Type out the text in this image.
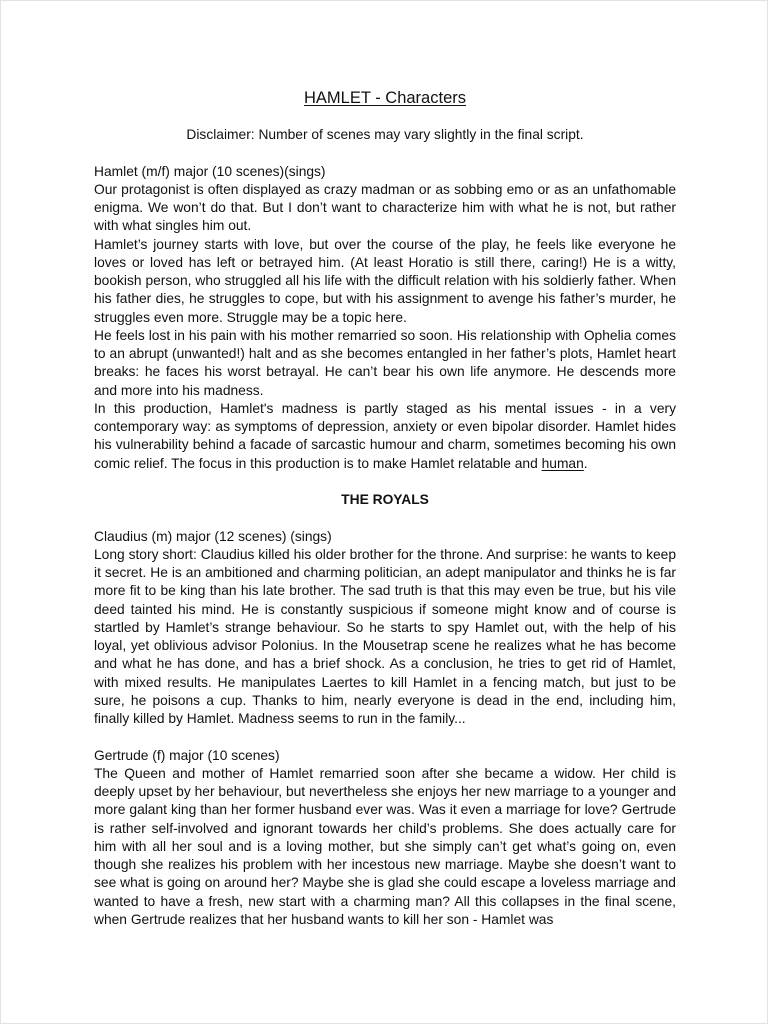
HAMLET - Characters
Disclaimer: Number of scenes may vary slightly in the final script.
Hamlet (m/f) major (10 scenes)(sings)

Our protagonist is often displayed as crazy madman or as sobbing emo or as an unfathomable enigma. We won’t do that. But I don’t want to characterize him with what he is not, but rather with what singles him out.

Hamlet’s journey starts with love, but over the course of the play, he feels like everyone he loves or loved has left or betrayed him. (At least Horatio is still there, caring!) He is a witty, bookish person, who struggled all his life with the difficult relation with his soldierly father. When his father dies, he struggles to cope, but with his assignment to avenge his father’s murder, he struggles even more. Struggle may be a topic here.

He feels lost in his pain with his mother remarried so soon. His relationship with Ophelia comes to an abrupt (unwanted!) halt and as she becomes entangled in her father’s plots, Hamlet heart breaks: he faces his worst betrayal. He can’t bear his own life anymore. He descends more and more into his madness.

In this production, Hamlet's madness is partly staged as his mental issues - in a very contemporary way: as symptoms of depression, anxiety or even bipolar disorder. Hamlet hides his vulnerability behind a facade of sarcastic humour and charm, sometimes becoming his own comic relief. The focus in this production is to make Hamlet relatable and human.

THE ROYALS
Claudius (m) major (12 scenes) (sings)

Long story short: Claudius killed his older brother for the throne. And surprise: he wants to keep it secret. He is an ambitioned and charming politician, an adept manipulator and thinks he is far more fit to be king than his late brother. The sad truth is that this may even be true, but his vile deed tainted his mind. He is constantly suspicious if someone might know and of course is startled by Hamlet’s strange behaviour. So he starts to spy Hamlet out, with the help of his loyal, yet oblivious advisor Polonius. In the Mousetrap scene he realizes what he has become and what he has done, and has a brief shock. As a conclusion, he tries to get rid of Hamlet, with mixed results. He manipulates Laertes to kill Hamlet in a fencing match, but just to be sure, he poisons a cup. Thanks to him, nearly everyone is dead in the end, including him, finally killed by Hamlet. Madness seems to run in the family...

Gertrude (f) major (10 scenes)

The Queen and mother of Hamlet remarried soon after she became a widow. Her child is deeply upset by her behaviour, but nevertheless she enjoys her new marriage to a younger and more galant king than her former husband ever was. Was it even a marriage for love? Gertrude is rather self-involved and ignorant towards her child’s problems. She does actually care for him with all her soul and is a loving mother, but she simply can’t get what’s going on, even though she realizes his problem with her incestous new marriage. Maybe she doesn’t want to see what is going on around her? Maybe she is glad she could escape a loveless marriage and wanted to have a fresh, new start with a charming man? All this collapses in the final scene, when Gertrude realizes that her husband wants to kill her son - Hamlet was
